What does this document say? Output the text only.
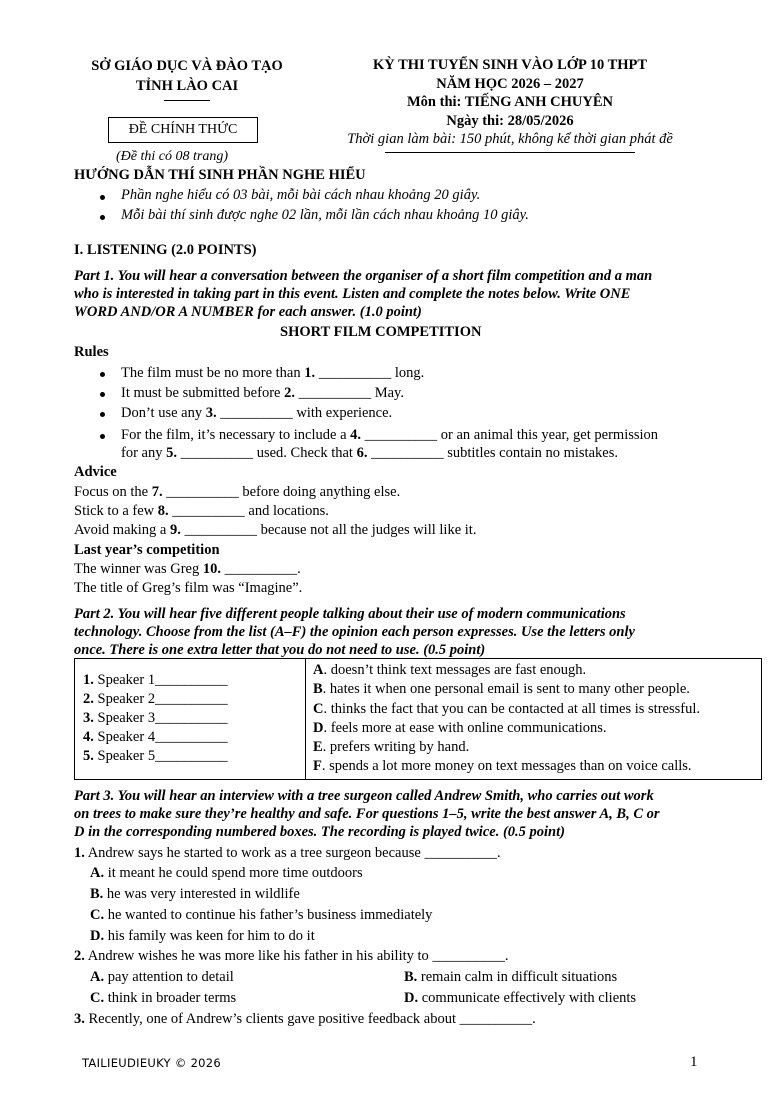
SỞ GIÁO DỤC VÀ ĐÀO TẠO
TỈNH LÀO CAI
ĐỀ CHÍNH THỨC
(Đề thi có 08 trang)
KỲ THI TUYỂN SINH VÀO LỚP 10 THPT
NĂM HỌC 2026 – 2027
Môn thi: TIẾNG ANH CHUYÊN
Ngày thi: 28/05/2026
Thời gian làm bài: 150 phút, không kể thời gian phát đề
HƯỚNG DẪN THÍ SINH PHẦN NGHE HIỂU
Phần nghe hiểu có 03 bài, mỗi bài cách nhau khoảng 20 giây.
Mỗi bài thí sinh được nghe 02 lần, mỗi lần cách nhau khoảng 10 giây.
I. LISTENING (2.0 POINTS)
Part 1. You will hear a conversation between the organiser of a short film competition and a man
who is interested in taking part in this event. Listen and complete the notes below. Write ONE
WORD AND/OR A NUMBER for each answer. (1.0 point)
SHORT FILM COMPETITION
Rules
The film must be no more than 1. __________ long.
It must be submitted before 2. __________ May.
Don’t use any 3. __________ with experience.
For the film, it’s necessary to include a 4. __________ or an animal this year, get permission
for any 5. __________ used. Check that 6. __________ subtitles contain no mistakes.
Advice
Focus on the 7. __________ before doing anything else.
Stick to a few 8. __________ and locations.
Avoid making a 9. __________ because not all the judges will like it.
Last year’s competition
The winner was Greg 10. __________.
The title of Greg’s film was “Imagine”.
Part 2. You will hear five different people talking about their use of modern communications
technology. Choose from the list (A–F) the opinion each person expresses. Use the letters only
once. There is one extra letter that you do not need to use. (0.5 point)
1. Speaker 1__________
2. Speaker 2__________
3. Speaker 3__________
4. Speaker 4__________
5. Speaker 5__________

A. doesn’t think text messages are fast enough.
B. hates it when one personal email is sent to many other people.
C. thinks the fact that you can be contacted at all times is stressful.
D. feels more at ease with online communications.
E. prefers writing by hand.
F. spends a lot more money on text messages than on voice calls.
Part 3. You will hear an interview with a tree surgeon called Andrew Smith, who carries out work
on trees to make sure they’re healthy and safe. For questions 1–5, write the best answer A, B, C or
D in the corresponding numbered boxes. The recording is played twice. (0.5 point)
1. Andrew says he started to work as a tree surgeon because __________.
A. it meant he could spend more time outdoors
B. he was very interested in wildlife
C. he wanted to continue his father’s business immediately
D. his family was keen for him to do it
2. Andrew wishes he was more like his father in his ability to __________.
A. pay attention to detail	B. remain calm in difficult situations
C. think in broader terms	D. communicate effectively with clients
3. Recently, one of Andrew’s clients gave positive feedback about __________.
TAILIEUDIEUKY © 2026	1
